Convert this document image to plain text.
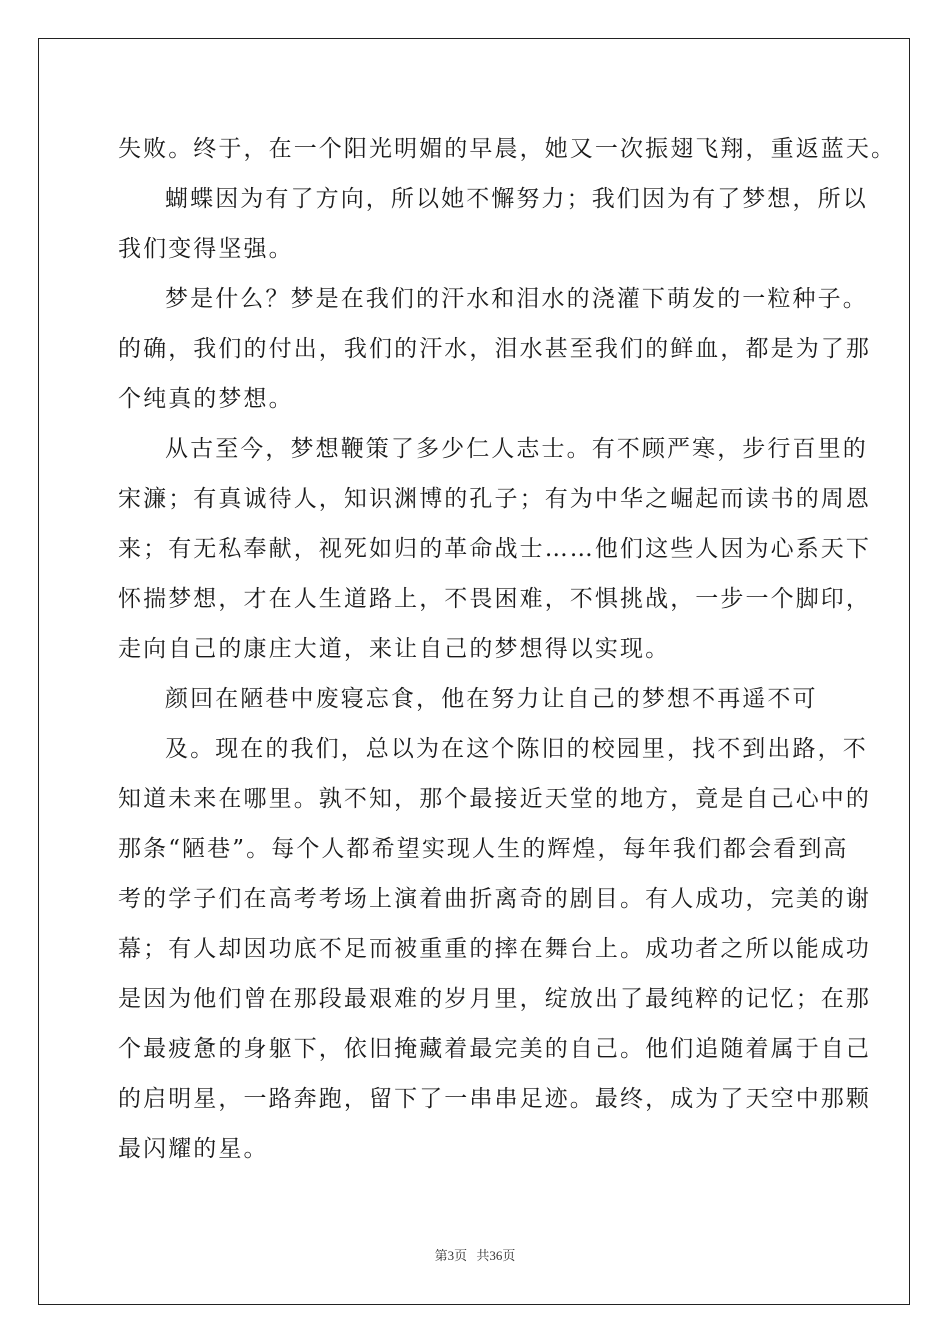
失败。终于，在一个阳光明媚的早晨，她又一次振翅飞翔，重返蓝天。

蝴蝶因为有了方向，所以她不懈努力；我们因为有了梦想，所以

我们变得坚强。

梦是什么？梦是在我们的汗水和泪水的浇灌下萌发的一粒种子。

的确，我们的付出，我们的汗水，泪水甚至我们的鲜血，都是为了那

个纯真的梦想。

从古至今，梦想鞭策了多少仁人志士。有不顾严寒，步行百里的

宋濂；有真诚待人，知识渊博的孔子；有为中华之崛起而读书的周恩

来；有无私奉献，视死如归的革命战士……他们这些人因为心系天下

怀揣梦想，才在人生道路上，不畏困难，不惧挑战，一步一个脚印，

走向自己的康庄大道，来让自己的梦想得以实现。

颜回在陋巷中废寝忘食，他在努力让自己的梦想不再遥不可

及。现在的我们，总以为在这个陈旧的校园里，找不到出路，不

知道未来在哪里。孰不知，那个最接近天堂的地方，竟是自己心中的

那条“陋巷”。每个人都希望实现人生的辉煌，每年我们都会看到高

考的学子们在高考考场上演着曲折离奇的剧目。有人成功，完美的谢

幕；有人却因功底不足而被重重的摔在舞台上。成功者之所以能成功

是因为他们曾在那段最艰难的岁月里，绽放出了最纯粹的记忆；在那

个最疲惫的身躯下，依旧掩藏着最完美的自己。他们追随着属于自己

的启明星，一路奔跑，留下了一串串足迹。最终，成为了天空中那颗

最闪耀的星。

第3页 共36页
